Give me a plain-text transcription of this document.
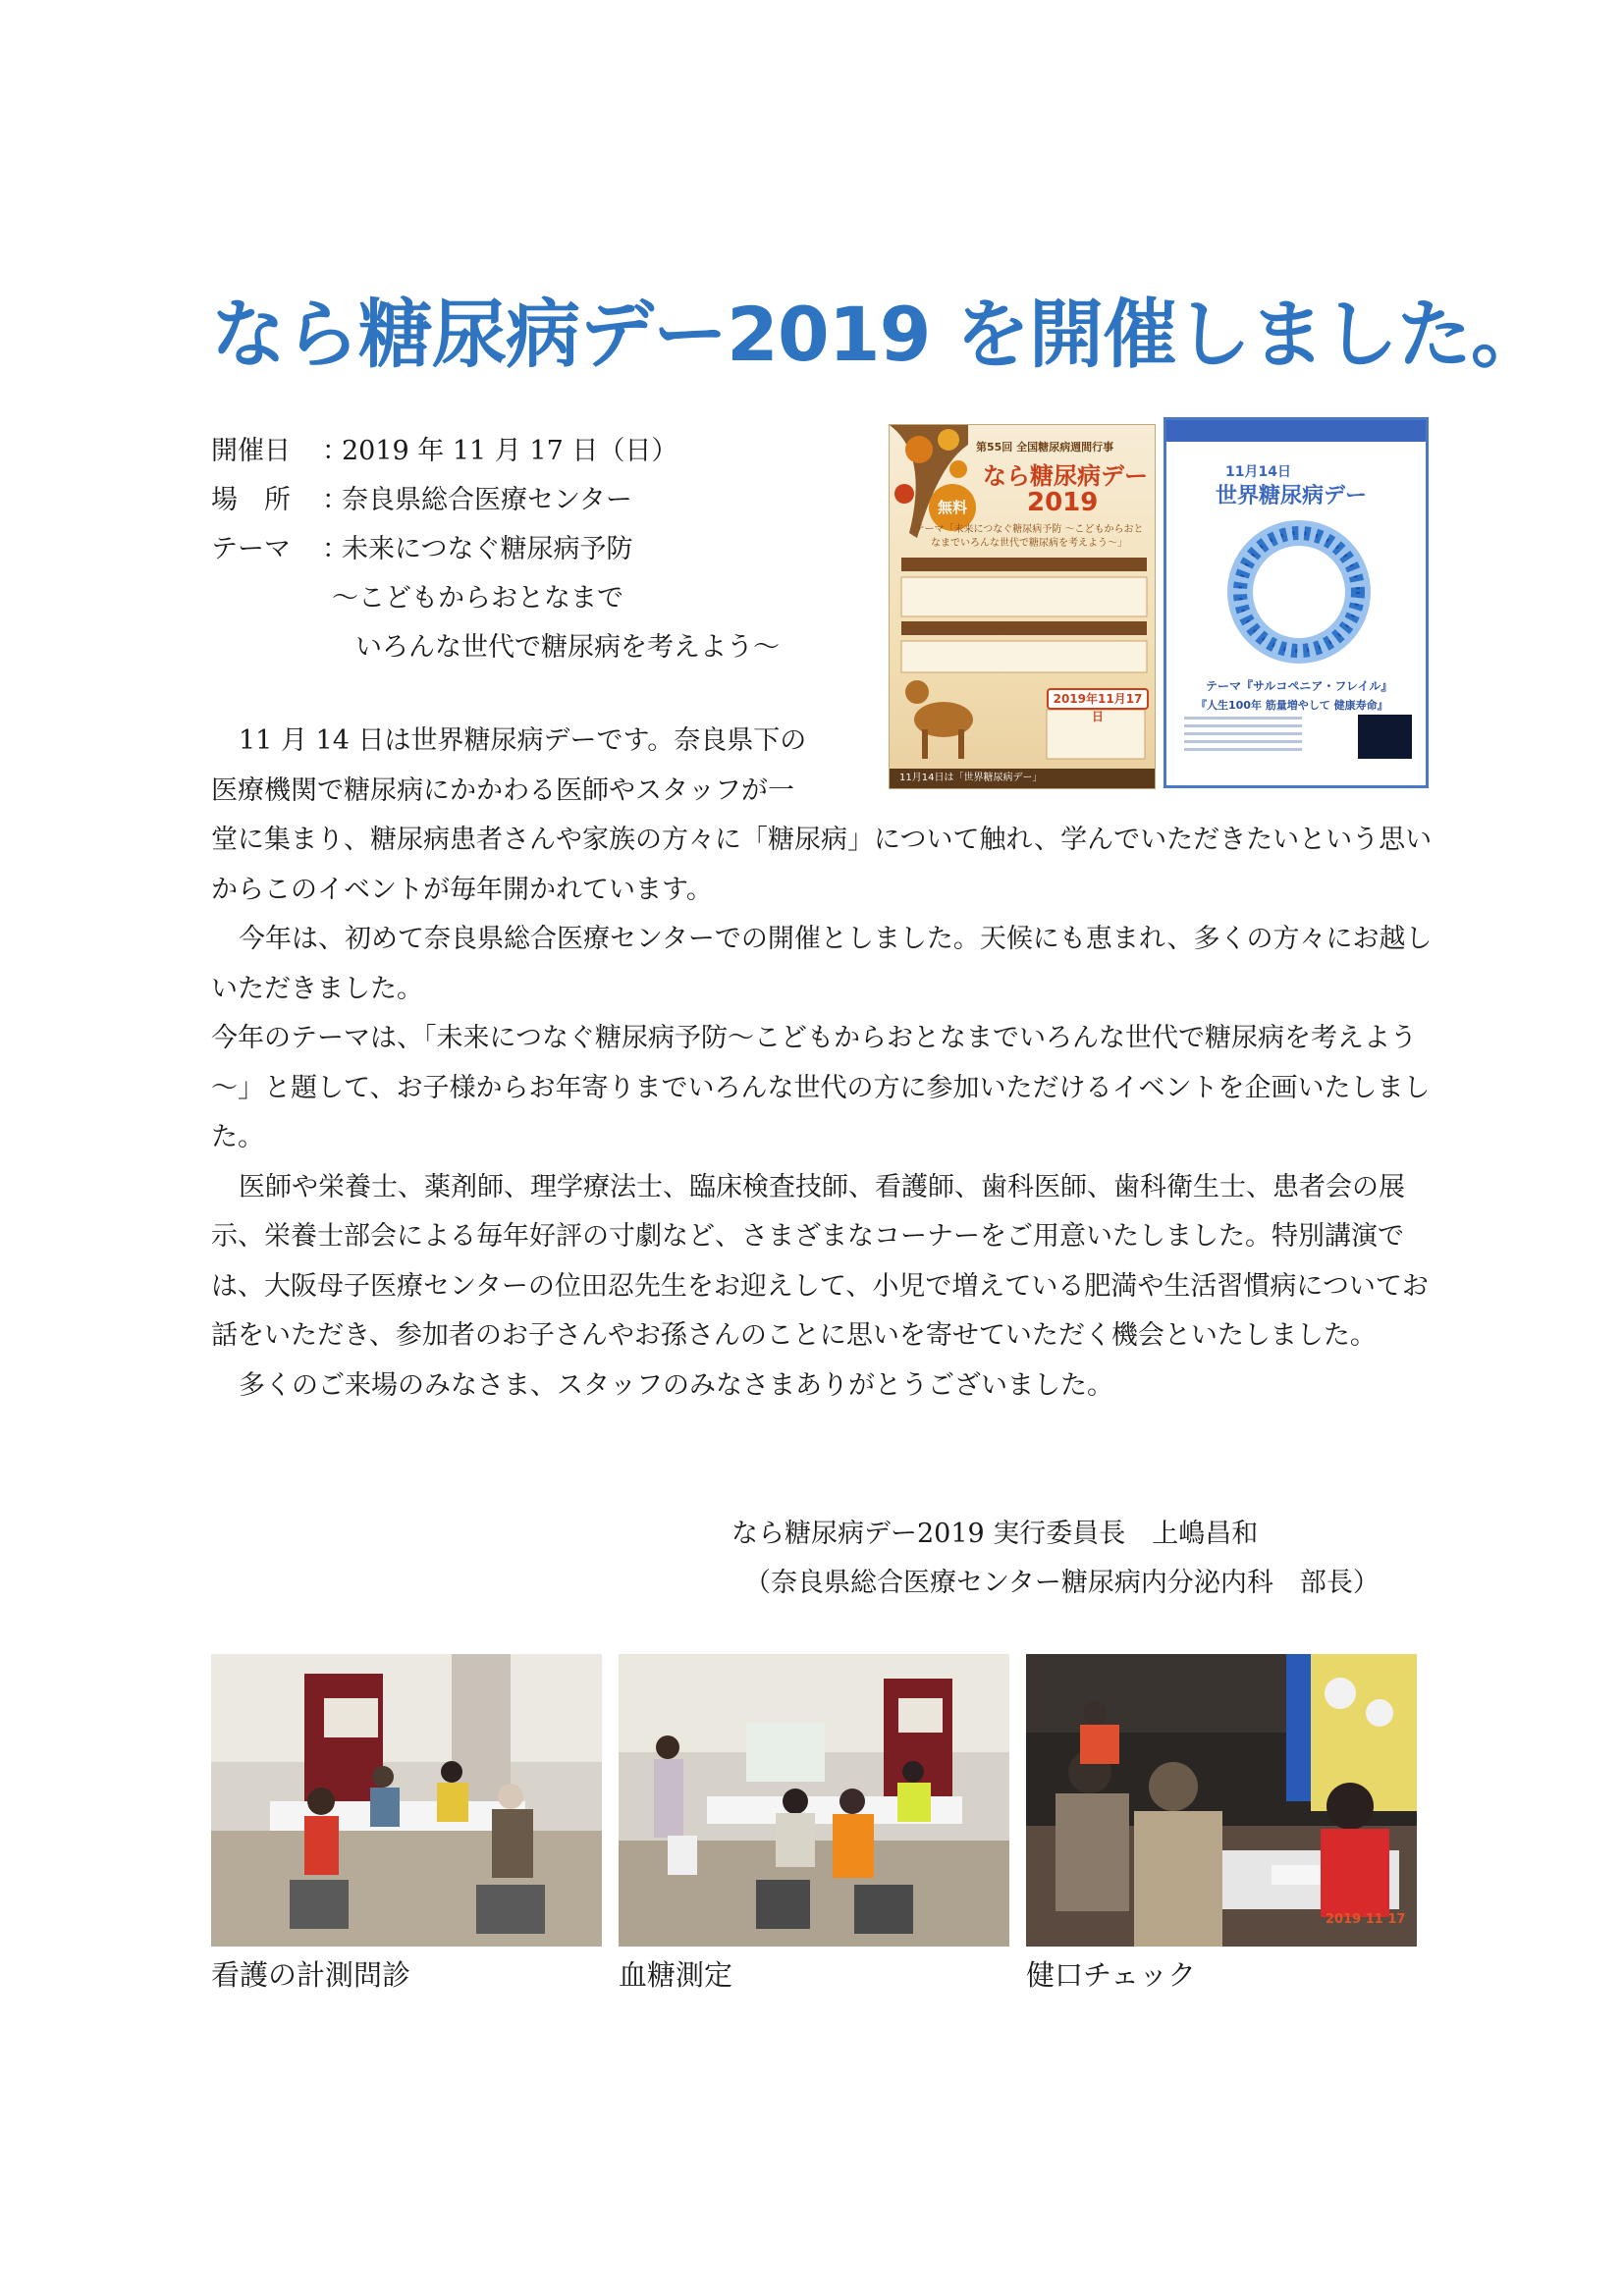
なら糖尿病デー2019 を開催しました。
開催日	：
2019 年 11 月 17 日（日）
場　所	：
奈良県総合医療センター
テーマ	：
未来につなぐ糖尿病予防
～こどもからおとなまで
いろんな世代で糖尿病を考えよう～
第55回 全国糖尿病週間行事
なら糖尿病デー
2019
無料
テーマ「未来につなぐ糖尿病予防 ～こどもからおとなまでいろんな世代で糖尿病を考えよう～」
2019年11月17日
11月14日は「世界糖尿病デー」
11月14日
世界糖尿病デー
テーマ『サルコペニア・フレイル』
『人生100年 筋量増やして 健康寿命』

11 月 14 日は世界糖尿病デーです。奈良県下の
医療機関で糖尿病にかかわる医師やスタッフが一
堂に集まり、糖尿病患者さんや家族の方々に「糖尿病」について触れ、学んでいただきたいという思いからこのイベントが毎年開かれています。

今年は、初めて奈良県総合医療センターでの開催としました。天候にも恵まれ、多くの方々にお越しいただきました。

今年のテーマは、「未来につなぐ糖尿病予防～こどもからおとなまでいろんな世代で糖尿病を考えよう～」と題して、お子様からお年寄りまでいろんな世代の方に参加いただけるイベントを企画いたしました。

医師や栄養士、薬剤師、理学療法士、臨床検査技師、看護師、歯科医師、歯科衛生士、患者会の展示、栄養士部会による毎年好評の寸劇など、さまざまなコーナーをご用意いたしました。特別講演では、大阪母子医療センターの位田忍先生をお迎えして、小児で増えている肥満や生活習慣病についてお話をいただき、参加者のお子さんやお孫さんのことに思いを寄せていただく機会といたしました。

多くのご来場のみなさま、スタッフのみなさまありがとうございました。

なら糖尿病デー2019 実行委員長　上嶋昌和
（奈良県総合医療センター糖尿病内分泌内科　部長）
看護の計測問診	血糖測定	健口チェック
2019 11 17
